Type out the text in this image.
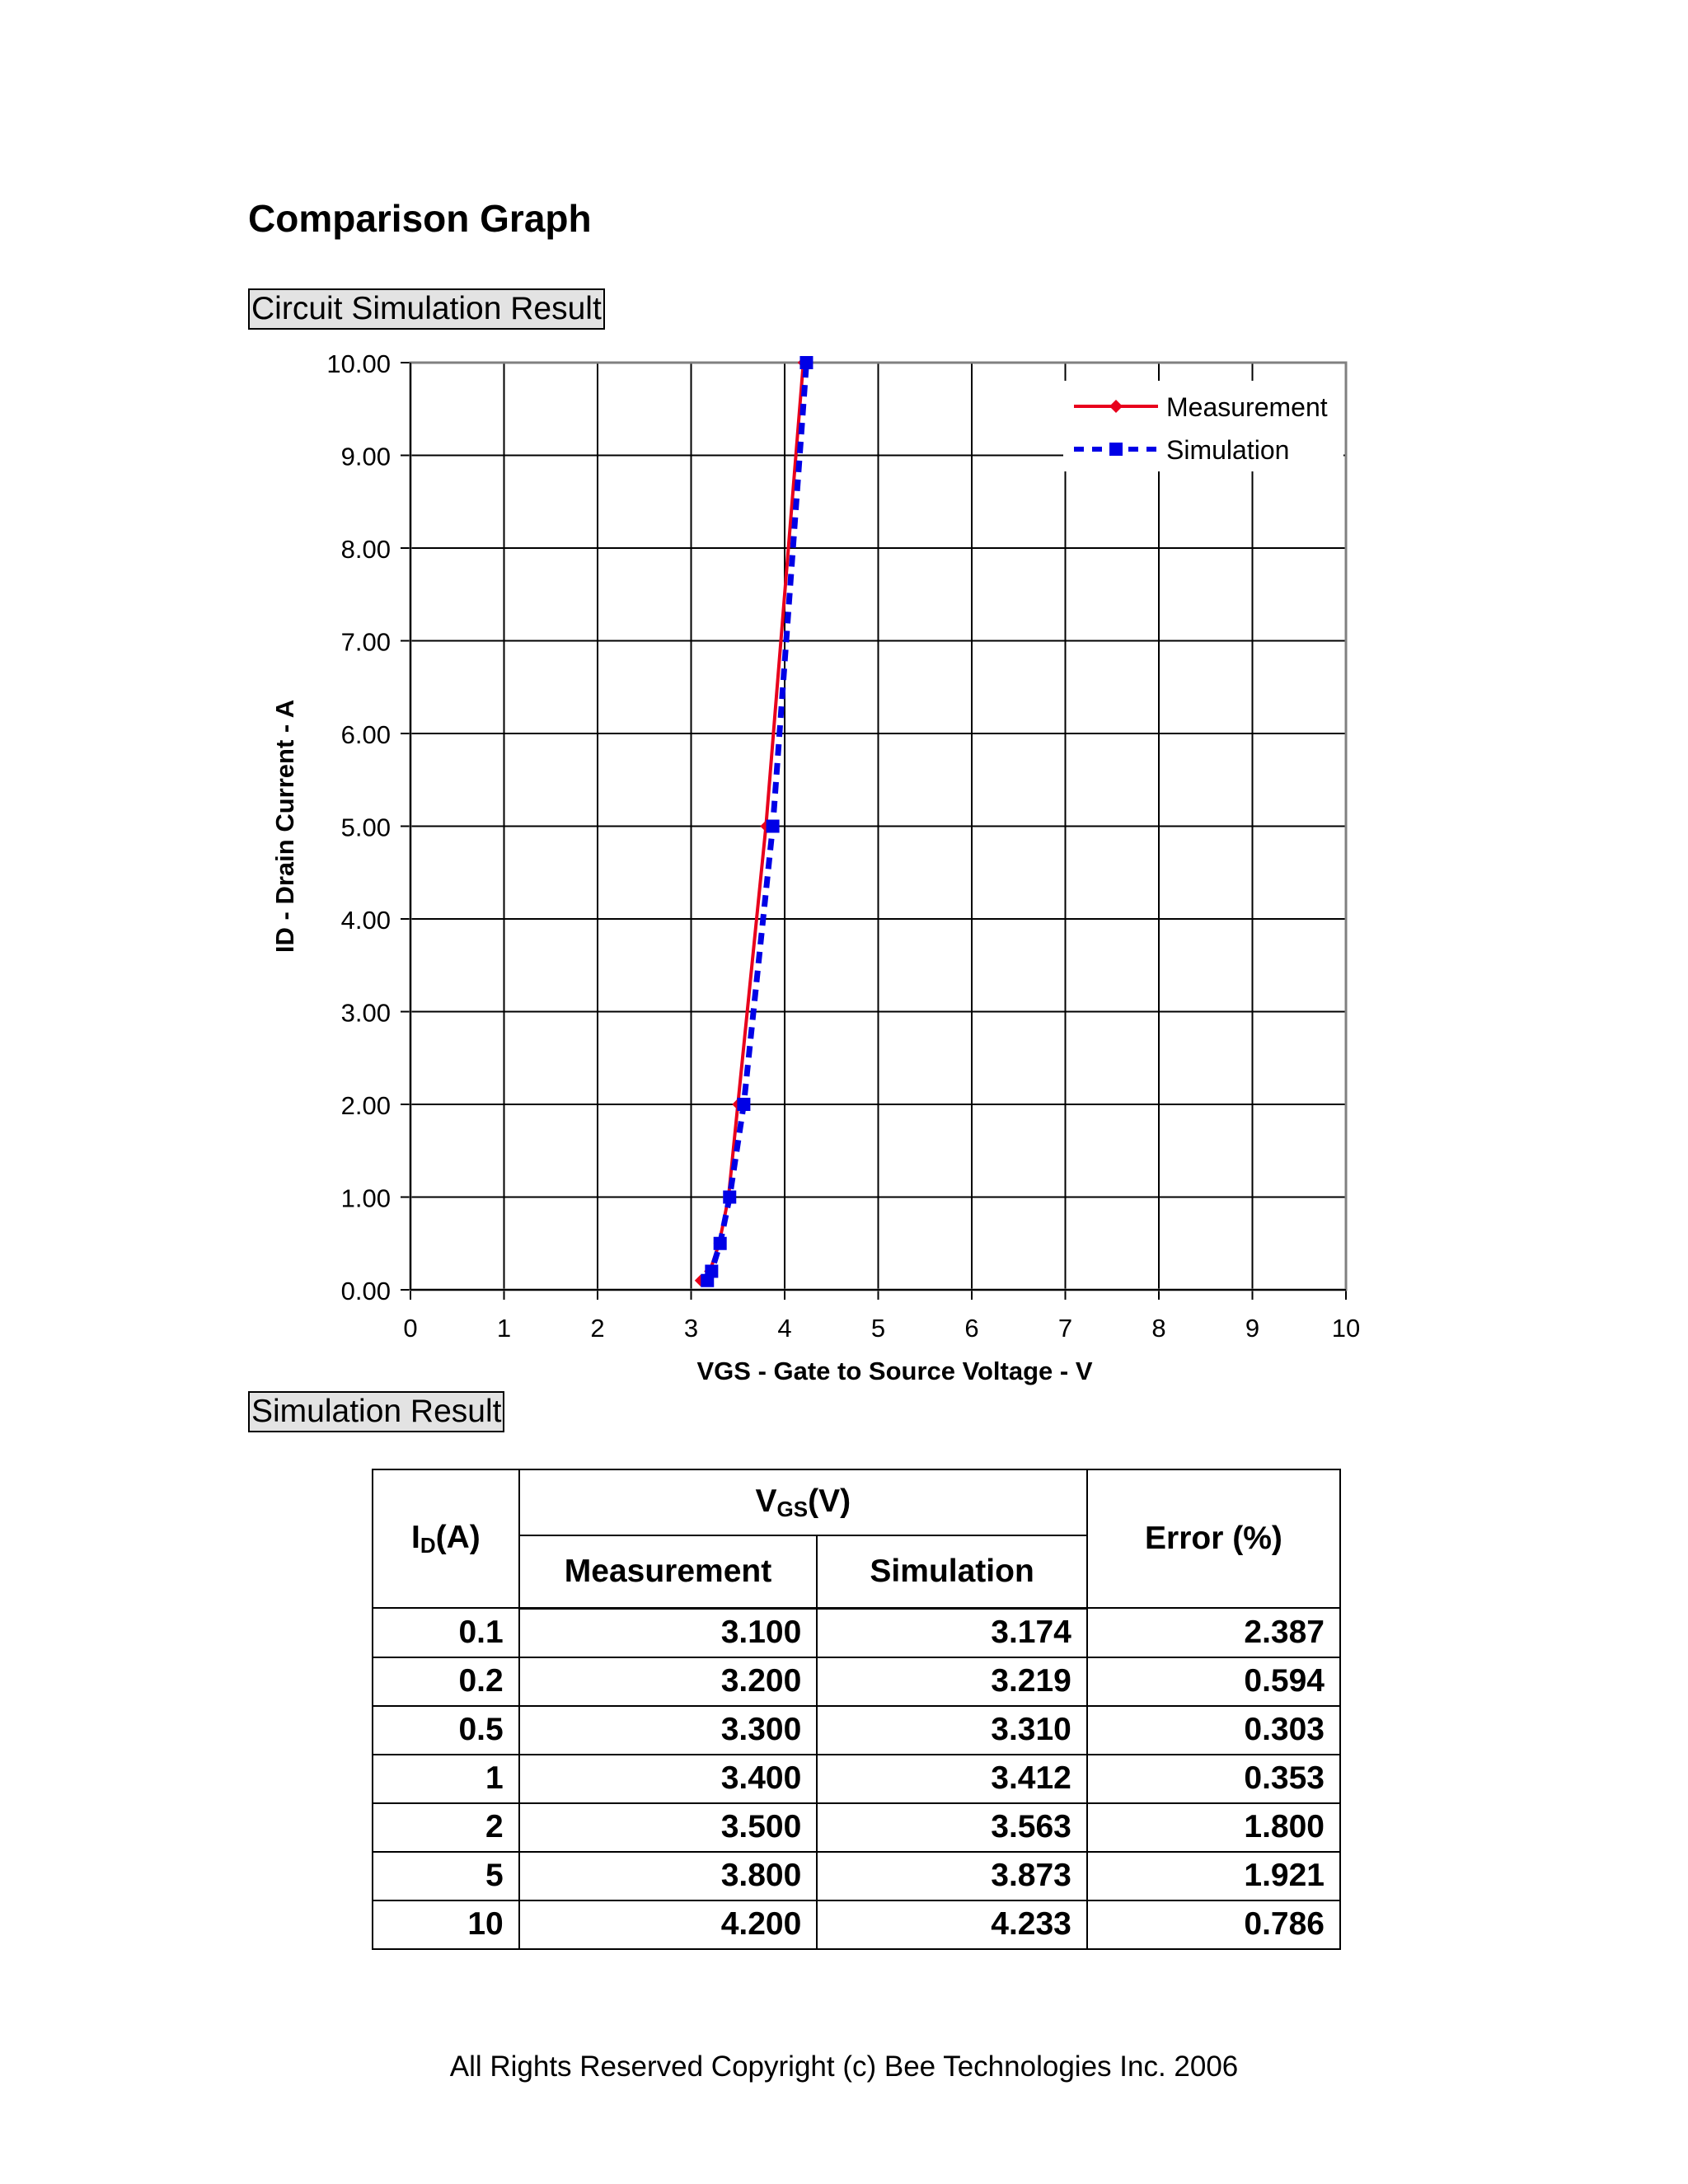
Comparison Graph
Circuit Simulation Result
0.00
1.00
2.00
3.00
4.00
5.00
6.00
7.00
8.00
9.00
10.00
0	1	2	3	4	5	6	7	8	9	10
ID - Drain Current - A
VGS - Gate to Source Voltage - V
Measurement
Simulation
Simulation Result
$I_D(A)$	$V_{GS}(V)$		Error (%)
	Measurement	Simulation	
0.1	3.100	3.174	2.387
0.2	3.200	3.219	0.594
0.5	3.300	3.310	0.303
1	3.400	3.412	0.353
2	3.500	3.563	1.800
5	3.800	3.873	1.921
10	4.200	4.233	0.786
All Rights Reserved Copyright (c) Bee Technologies Inc. 2006
